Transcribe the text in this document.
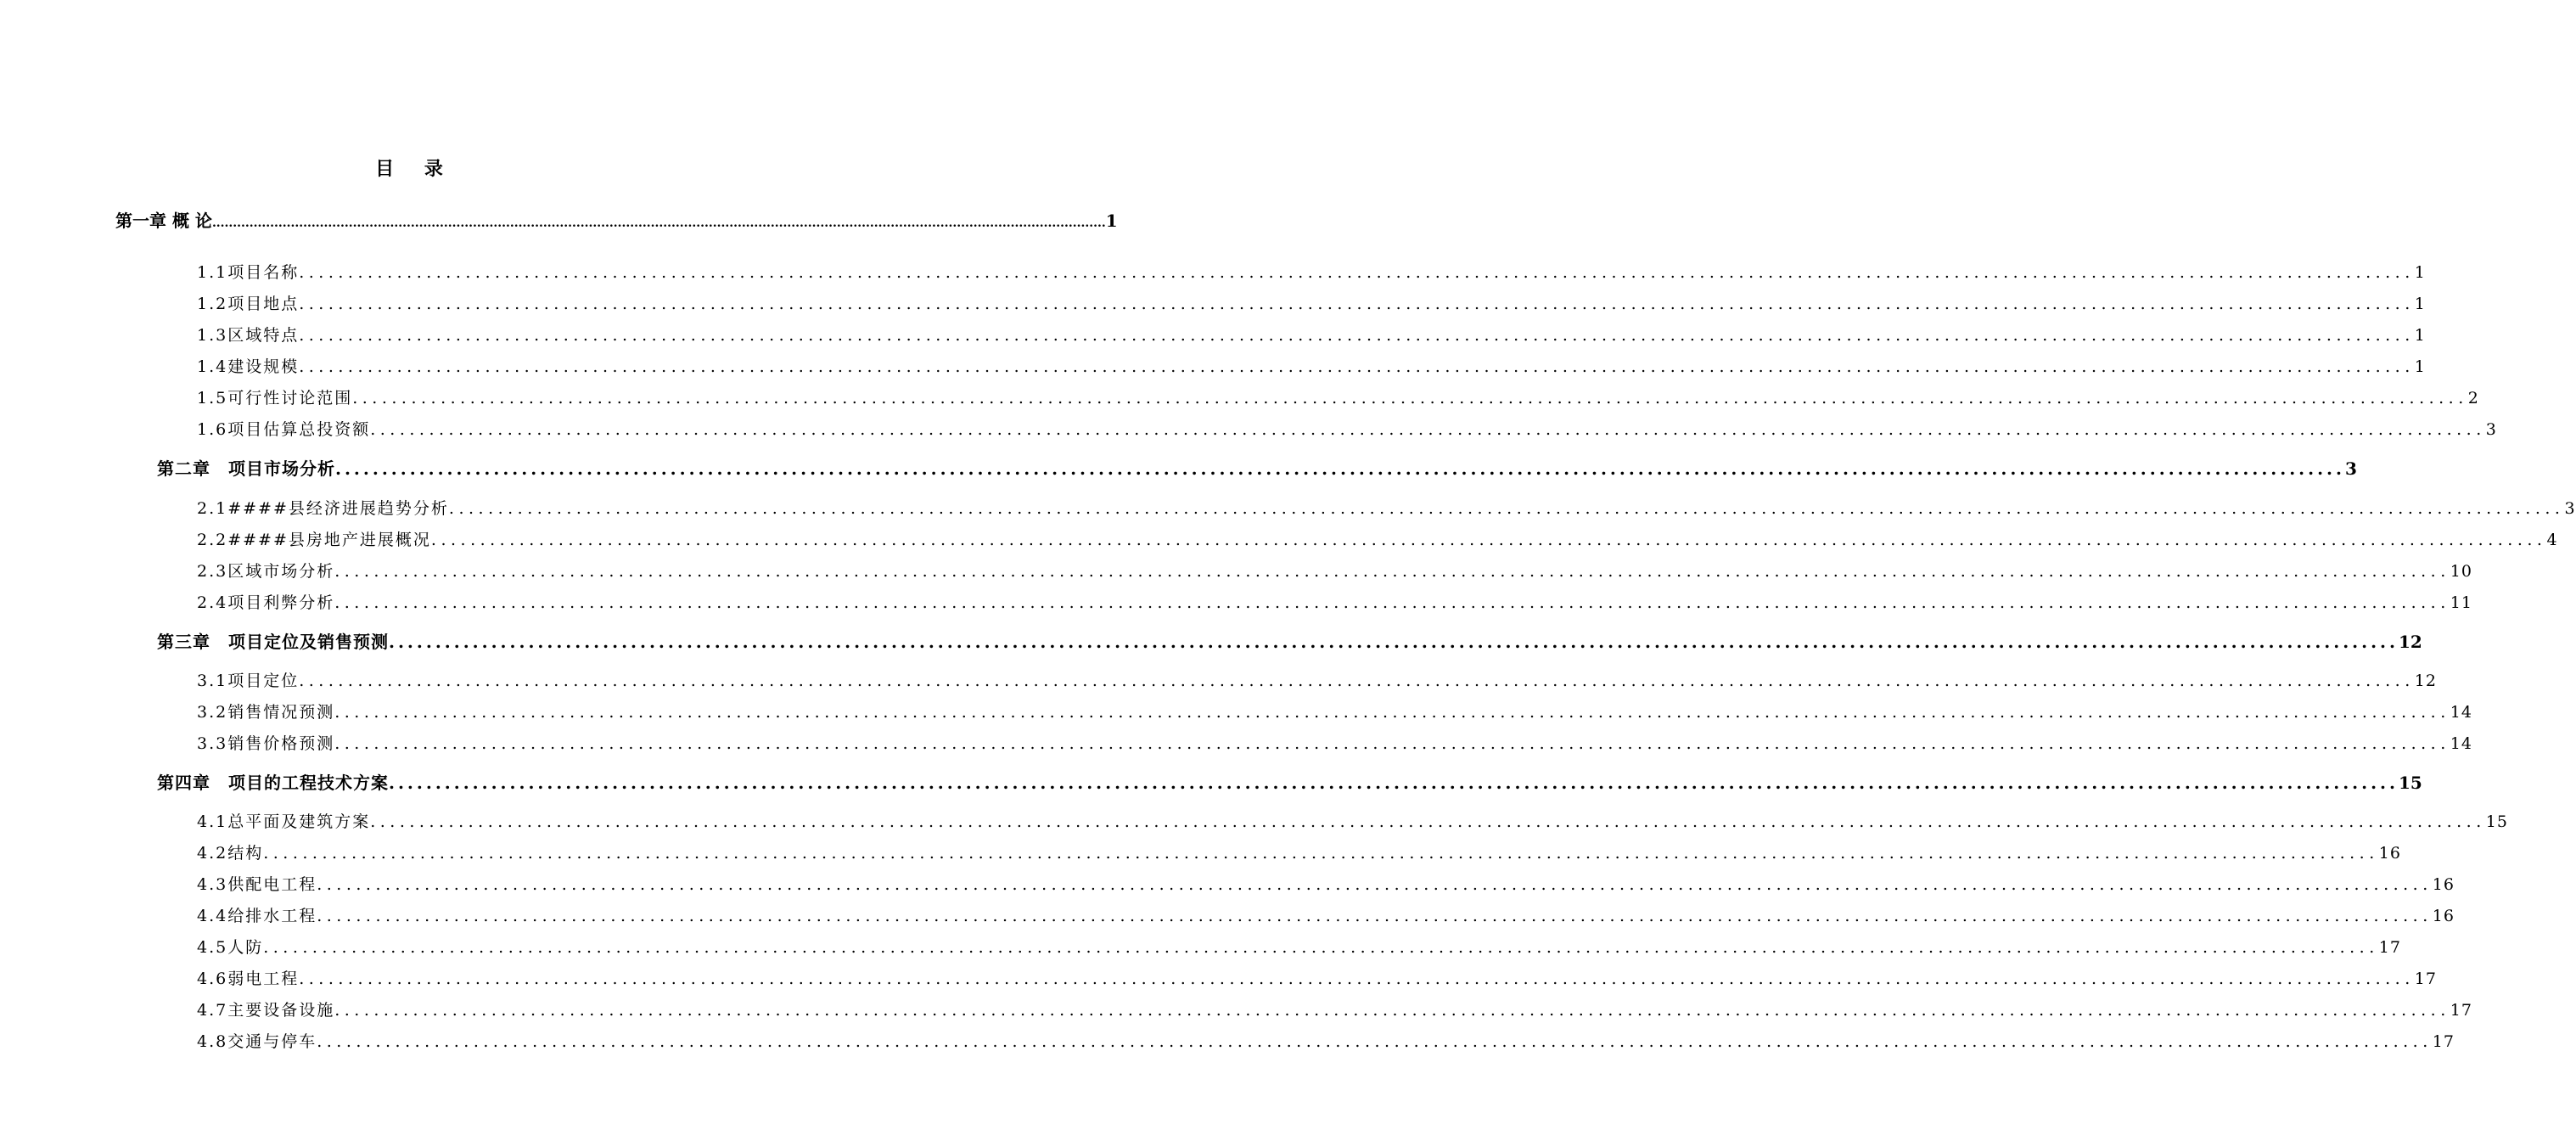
目 录
第一章 概 论 ........................................................................................................................................................................................................................ 1
1.1项目名称 ........................................................................................................................................................................................................................ 1
1.2项目地点 ........................................................................................................................................................................................................................ 1
1.3区域特点 ........................................................................................................................................................................................................................ 1
1.4建设规模 ........................................................................................................................................................................................................................ 1
1.5可行性讨论范围 ........................................................................................................................................................................................................................ 2
1.6项目估算总投资额 ........................................................................................................................................................................................................................ 3
第二章　项目市场分析 ........................................................................................................................................................................................................................ 3
2.1####县经济进展趋势分析 ........................................................................................................................................................................................................................ 3
2.2####县房地产进展概况 ........................................................................................................................................................................................................................ 4
2.3区域市场分析 ........................................................................................................................................................................................................................ 10
2.4项目利弊分析 ........................................................................................................................................................................................................................ 11
第三章　项目定位及销售预测 ........................................................................................................................................................................................................................ 12
3.1项目定位 ........................................................................................................................................................................................................................ 12
3.2销售情况预测 ........................................................................................................................................................................................................................ 14
3.3销售价格预测 ........................................................................................................................................................................................................................ 14
第四章　项目的工程技术方案 ........................................................................................................................................................................................................................ 15
4.1总平面及建筑方案 ........................................................................................................................................................................................................................ 15
4.2结构 ........................................................................................................................................................................................................................ 16
4.3供配电工程 ........................................................................................................................................................................................................................ 16
4.4给排水工程 ........................................................................................................................................................................................................................ 16
4.5人防 ........................................................................................................................................................................................................................ 17
4.6弱电工程 ........................................................................................................................................................................................................................ 17
4.7主要设备设施 ........................................................................................................................................................................................................................ 17
4.8交通与停车 ........................................................................................................................................................................................................................ 17
